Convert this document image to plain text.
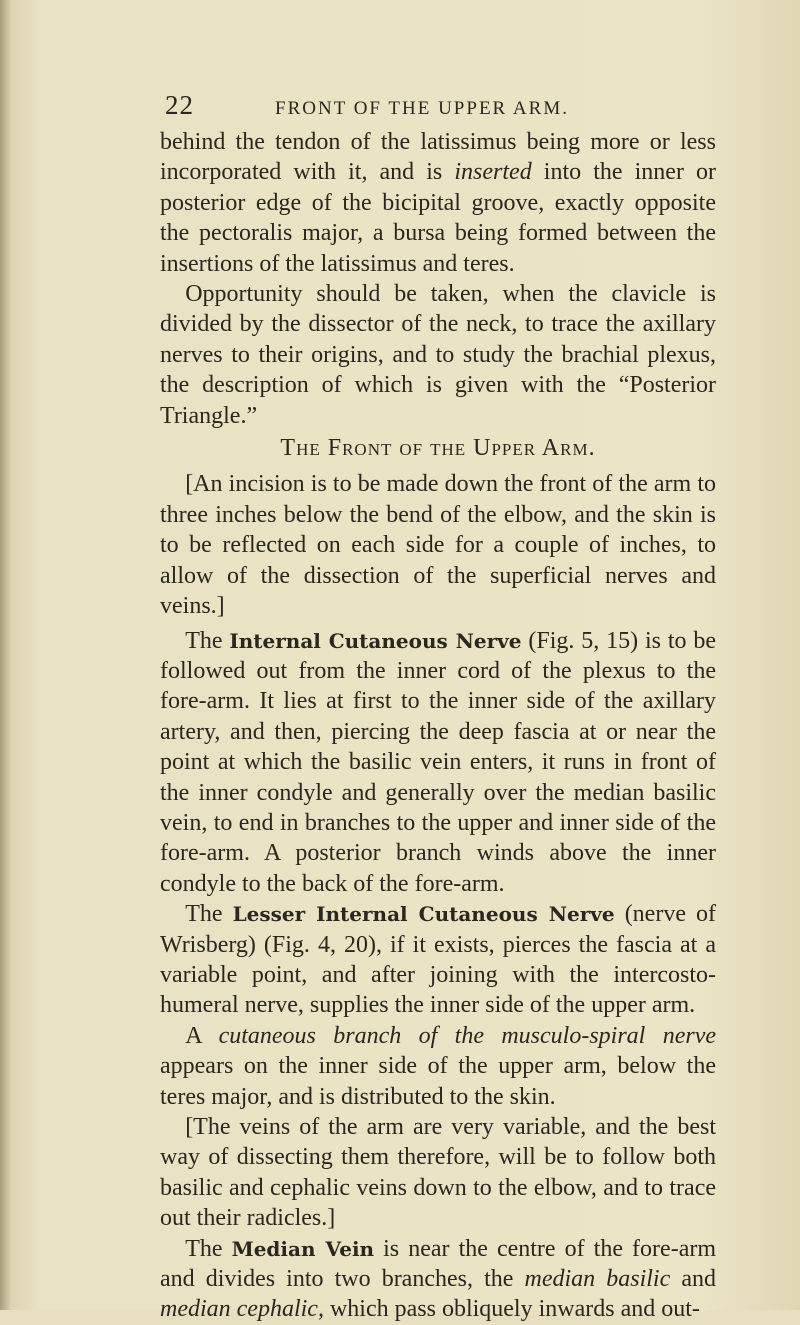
22	FRONT OF THE UPPER ARM.

behind the tendon of the latissimus being more or less incorporated with it, and is inserted into the inner or posterior edge of the bicipital groove, exactly opposite the pectoralis major, a bursa being formed between the insertions of the latissimus and teres.

Opportunity should be taken, when the clavicle is divided by the dissector of the neck, to trace the axillary nerves to their origins, and to study the brachial plexus, the description of which is given with the “Posterior Triangle.”

The Front of the Upper Arm.

[An incision is to be made down the front of the arm to three inches below the bend of the elbow, and the skin is to be reflected on each side for a couple of inches, to allow of the dissection of the superficial nerves and veins.]

The Internal Cutaneous Nerve (Fig. 5, 15) is to be followed out from the inner cord of the plexus to the fore-arm. It lies at first to the inner side of the axillary artery, and then, piercing the deep fascia at or near the point at which the basilic vein enters, it runs in front of the inner condyle and generally over the median basilic vein, to end in branches to the upper and inner side of the fore-arm. A posterior branch winds above the inner condyle to the back of the fore-arm.

The Lesser Internal Cutaneous Nerve (nerve of Wrisberg) (Fig. 4, 20), if it exists, pierces the fascia at a variable point, and after joining with the intercosto-humeral nerve, supplies the inner side of the upper arm.

A cutaneous branch of the musculo-spiral nerve appears on the inner side of the upper arm, below the teres major, and is distributed to the skin.

[The veins of the arm are very variable, and the best way of dissecting them therefore, will be to follow both basilic and cephalic veins down to the elbow, and to trace out their radicles.]

The Median Vein is near the centre of the fore-arm and divides into two branches, the median basilic and median cephalic, which pass obliquely inwards and out-
